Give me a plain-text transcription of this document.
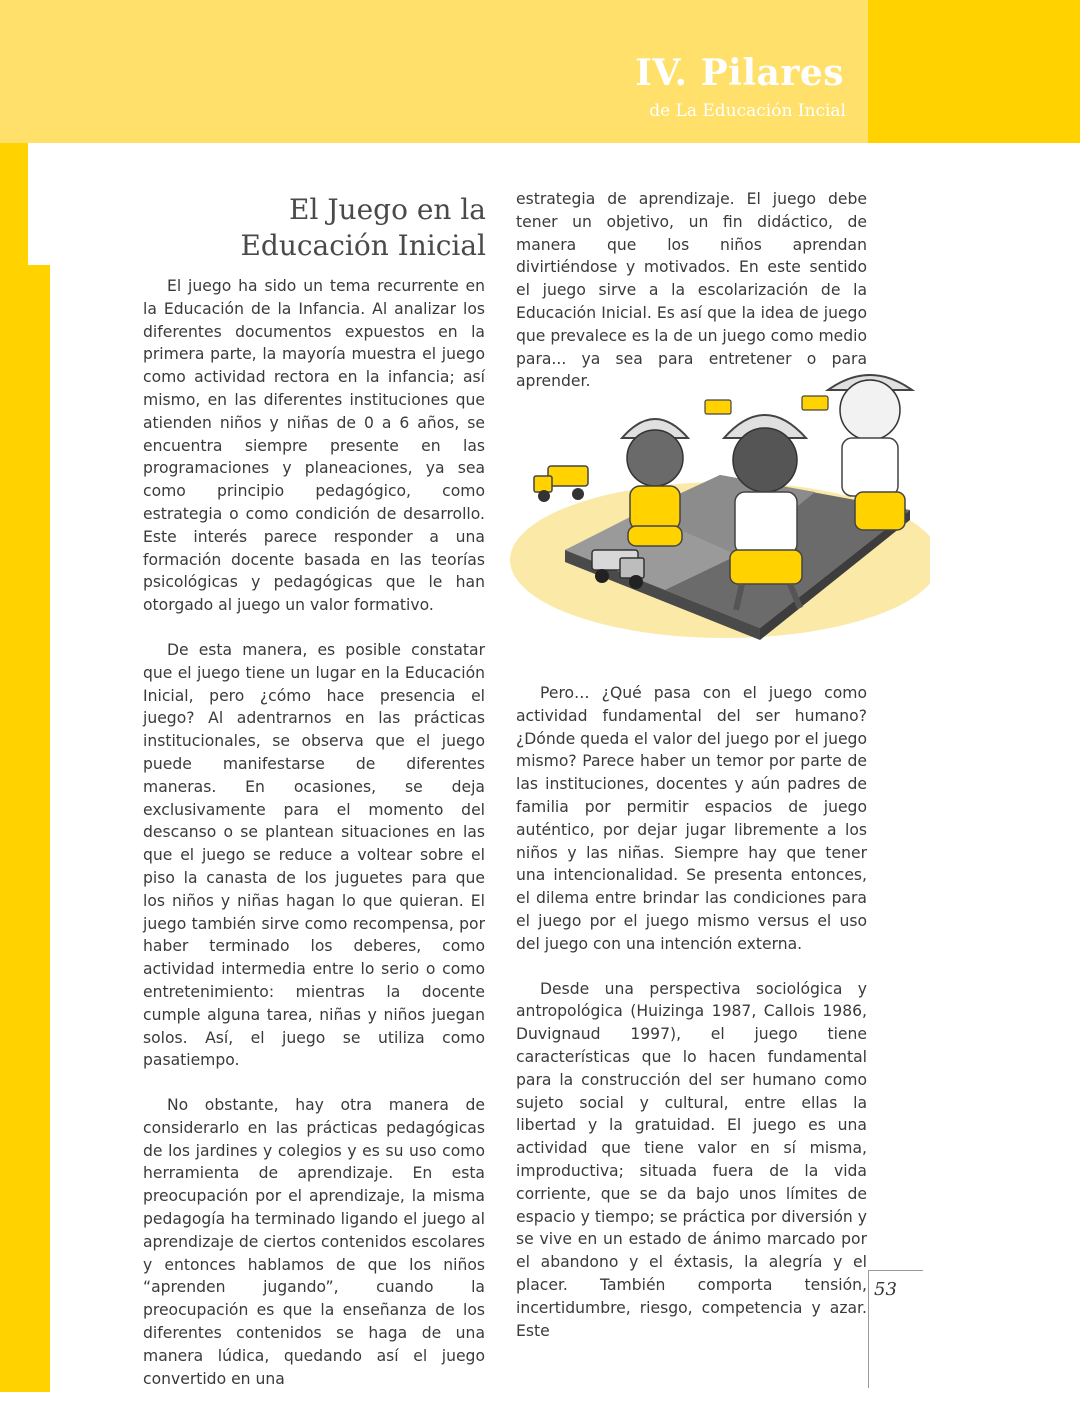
IV. Pilares
de La Educación Incial
El Juego en la
Educación Inicial

El juego ha sido un tema recurrente en la Educación de la Infancia. Al analizar los diferentes documentos expuestos en la primera parte, la mayoría muestra el juego como actividad rectora en la infancia; así mismo, en las diferentes instituciones que atienden niños y niñas de 0 a 6 años, se encuentra siempre presente en las programaciones y planeaciones, ya sea como principio pedagógico, como estrategia o como condición de desarrollo. Este interés parece responder a una formación docente basada en las teorías psicológicas y pedagógicas que le han otorgado al juego un valor formativo.

De esta manera, es posible constatar que el juego tiene un lugar en la Educación Inicial, pero ¿cómo hace presencia el juego? Al adentrarnos en las prácticas institucionales, se observa que el juego puede manifestarse de diferentes maneras. En ocasiones, se deja exclusivamente para el momento del descanso o se plantean situaciones en las que el juego se reduce a voltear sobre el piso la canasta de los juguetes para que los niños y niñas hagan lo que quieran. El juego también sirve como recompensa, por haber terminado los deberes, como actividad intermedia entre lo serio o como entretenimiento: mientras la docente cumple alguna tarea, niñas y niños juegan solos. Así, el juego se utiliza como pasatiempo.

No obstante, hay otra manera de considerarlo en las prácticas pedagógicas de los jardines y colegios y es su uso como herramienta de aprendizaje. En esta preocupación por el aprendizaje, la misma pedagogía ha terminado ligando el juego al aprendizaje de ciertos contenidos escolares y entonces hablamos de que los niños “aprenden jugando”, cuando la preocupación es que la enseñanza de los diferentes contenidos se haga de una manera lúdica, quedando así el juego convertido en una

estrategia de aprendizaje. El juego debe tener un objetivo, un fin didáctico, de manera que los niños aprendan divirtiéndose y motivados. En este sentido el juego sirve a la escolarización de la Educación Inicial. Es así que la idea de juego que prevalece es la de un juego como medio para... ya sea para entretener o para aprender.

Pero… ¿Qué pasa con el juego como actividad fundamental del ser humano? ¿Dónde queda el valor del juego por el juego mismo? Parece haber un temor por parte de las instituciones, docentes y aún padres de familia por permitir espacios de juego auténtico, por dejar jugar libremente a los niños y las niñas. Siempre hay que tener una intencionalidad. Se presenta entonces, el dilema entre brindar las condiciones para el juego por el juego mismo versus el uso del juego con una intención externa.

Desde una perspectiva sociológica y antropológica (Huizinga 1987, Callois 1986, Duvignaud 1997), el juego tiene características que lo hacen fundamental para la construcción del ser humano como sujeto social y cultural, entre ellas la libertad y la gratuidad. El juego es una actividad que tiene valor en sí misma, improductiva; situada fuera de la vida corriente, que se da bajo unos límites de espacio y tiempo; se práctica por diversión y se vive en un estado de ánimo marcado por el abandono y el éxtasis, la alegría y el placer. También comporta tensión, incertidumbre, riesgo, competencia y azar. Este

53
